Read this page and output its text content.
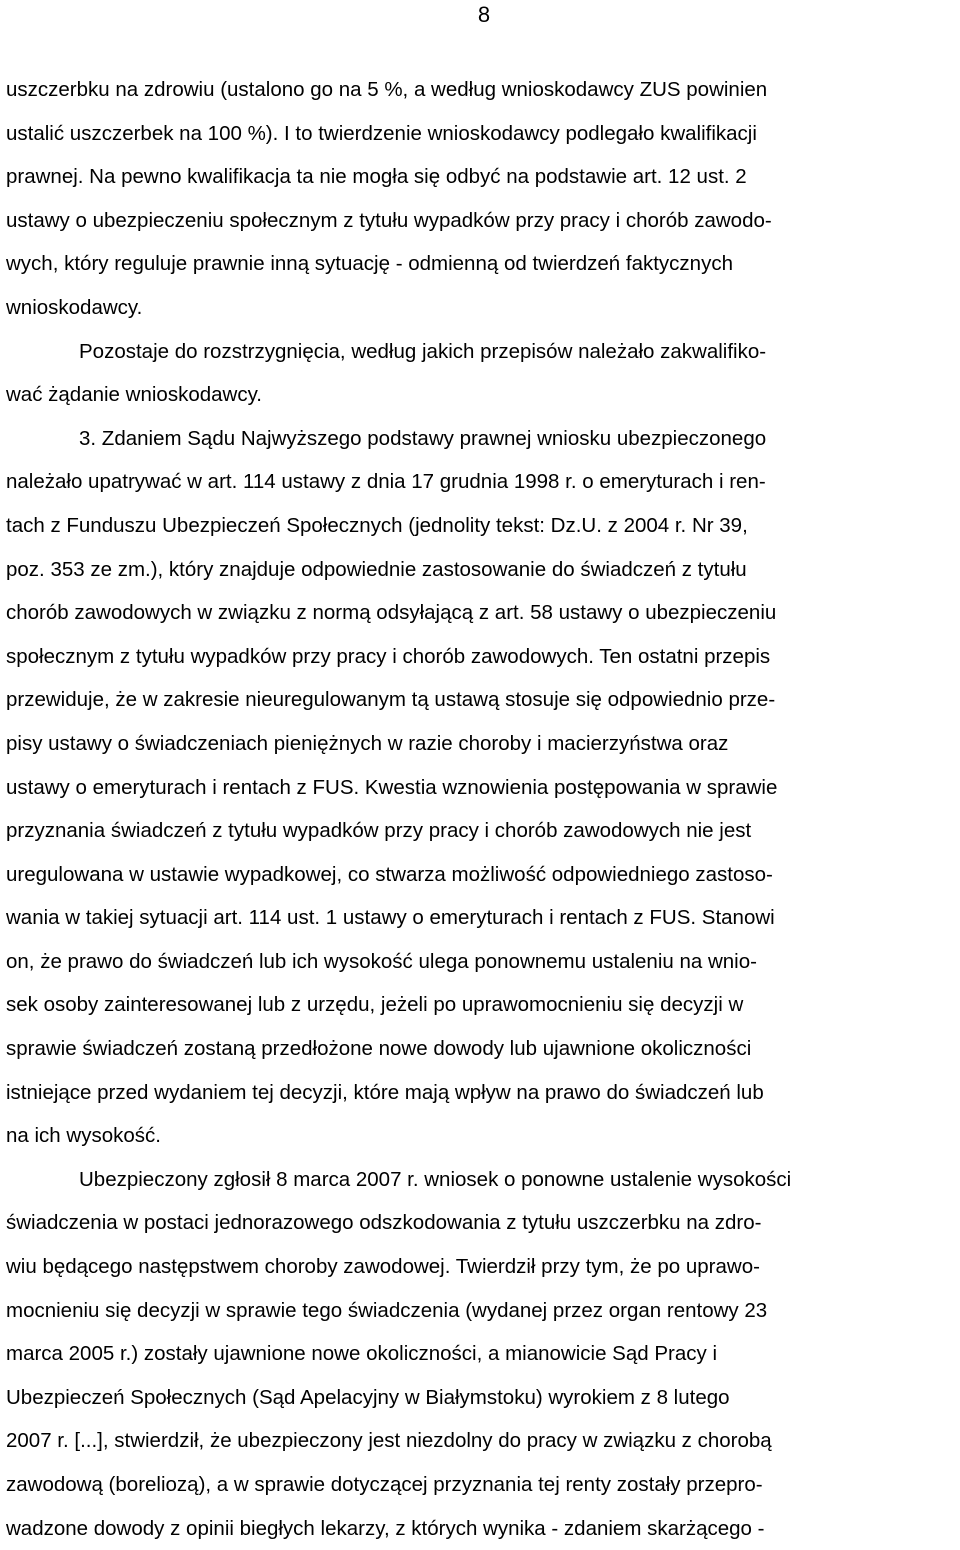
8
uszczerbku na zdrowiu (ustalono go na 5 %, a według wnioskodawcy ZUS powinien
ustalić uszczerbek na 100 %). I to twierdzenie wnioskodawcy podlegało kwalifikacji
prawnej. Na pewno kwalifikacja ta nie mogła się odbyć na podstawie art. 12 ust. 2
ustawy o ubezpieczeniu społecznym z tytułu wypadków przy pracy i chorób zawodo-
wych, który reguluje prawnie inną sytuację - odmienną od twierdzeń faktycznych
wnioskodawcy.
Pozostaje do rozstrzygnięcia, według jakich przepisów należało zakwalifiko-
wać żądanie wnioskodawcy.
3. Zdaniem Sądu Najwyższego podstawy prawnej wniosku ubezpieczonego
należało upatrywać w art. 114 ustawy z dnia 17 grudnia 1998 r. o emeryturach i ren-
tach z Funduszu Ubezpieczeń Społecznych (jednolity tekst: Dz.U. z 2004 r. Nr 39,
poz. 353 ze zm.), który znajduje odpowiednie zastosowanie do świadczeń z tytułu
chorób zawodowych w związku z normą odsyłającą z art. 58 ustawy o ubezpieczeniu
społecznym z tytułu wypadków przy pracy i chorób zawodowych. Ten ostatni przepis
przewiduje, że w zakresie nieuregulowanym tą ustawą stosuje się odpowiednio prze-
pisy ustawy o świadczeniach pieniężnych w razie choroby i macierzyństwa oraz
ustawy o emeryturach i rentach z FUS. Kwestia wznowienia postępowania w sprawie
przyznania świadczeń z tytułu wypadków przy pracy i chorób zawodowych nie jest
uregulowana w ustawie wypadkowej, co stwarza możliwość odpowiedniego zastoso-
wania w takiej sytuacji art. 114 ust. 1 ustawy o emeryturach i rentach z FUS. Stanowi
on, że prawo do świadczeń lub ich wysokość ulega ponownemu ustaleniu na wnio-
sek osoby zainteresowanej lub z urzędu, jeżeli po uprawomocnieniu się decyzji w
sprawie świadczeń zostaną przedłożone nowe dowody lub ujawnione okoliczności
istniejące przed wydaniem tej decyzji, które mają wpływ na prawo do świadczeń lub
na ich wysokość.
Ubezpieczony zgłosił 8 marca 2007 r. wniosek o ponowne ustalenie wysokości
świadczenia w postaci jednorazowego odszkodowania z tytułu uszczerbku na zdro-
wiu będącego następstwem choroby zawodowej. Twierdził przy tym, że po uprawo-
mocnieniu się decyzji w sprawie tego świadczenia (wydanej przez organ rentowy 23
marca 2005 r.) zostały ujawnione nowe okoliczności, a mianowicie Sąd Pracy i
Ubezpieczeń Społecznych (Sąd Apelacyjny w Białymstoku) wyrokiem z 8 lutego
2007 r. [...], stwierdził, że ubezpieczony jest niezdolny do pracy w związku z chorobą
zawodową (boreliozą), a w sprawie dotyczącej przyznania tej renty zostały przepro-
wadzone dowody z opinii biegłych lekarzy, z których wynika - zdaniem skarżącego -
